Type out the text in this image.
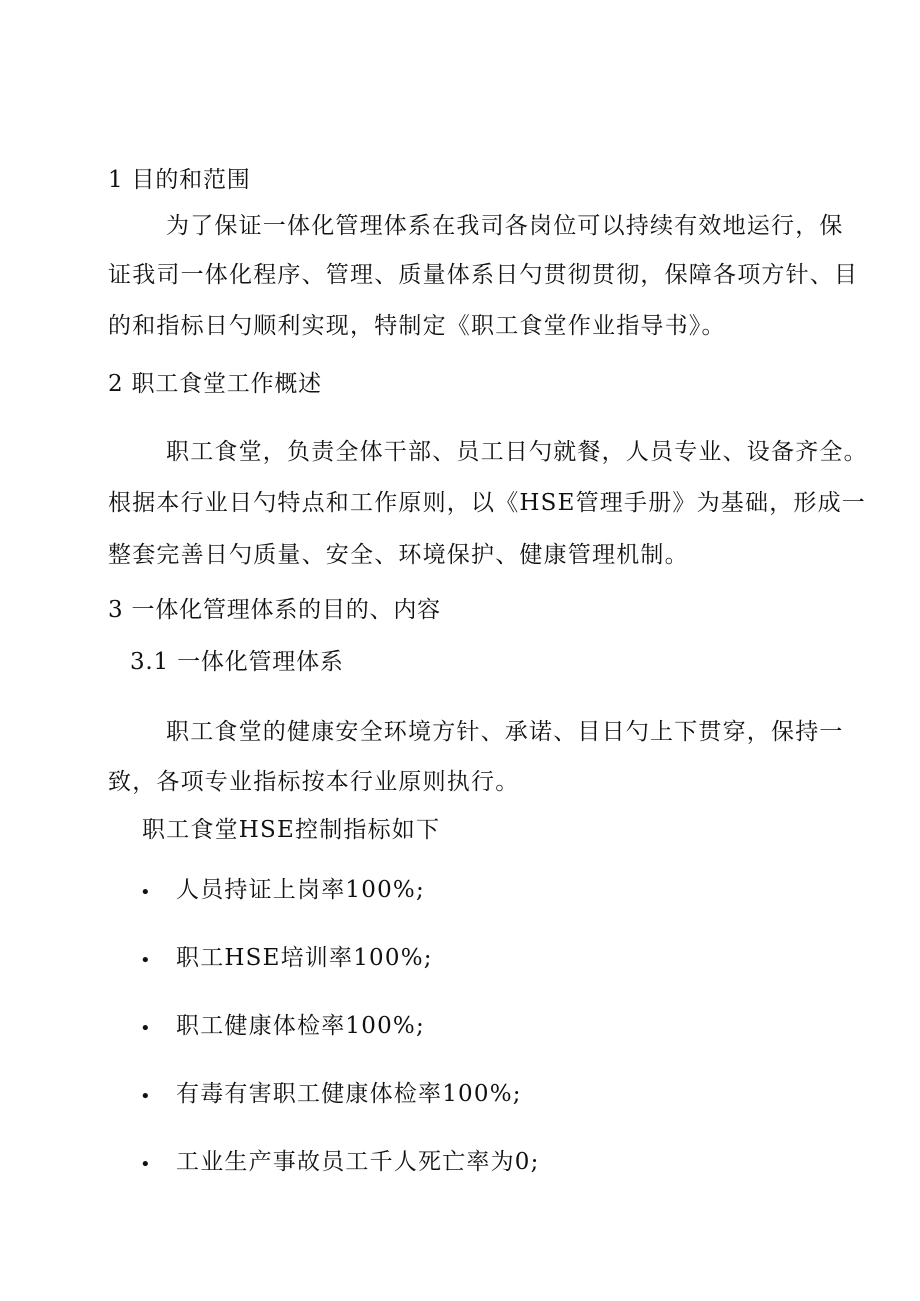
1 目的和范围
为了保证一体化管理体系在我司各岗位可以持续有效地运行，保
证我司一体化程序、管理、质量体系日勺贯彻贯彻，保障各项方针、目
的和指标日勺顺利实现，特制定《职工食堂作业指导书》。
2 职工食堂工作概述
职工食堂，负责全体干部、员工日勺就餐，人员专业、设备齐全。
根据本行业日勺特点和工作原则，以《HSE管理手册》为基础，形成一
整套完善日勺质量、安全、环境保护、健康管理机制。
3 一体化管理体系的目的、内容
3.1 一体化管理体系
职工食堂的健康安全环境方针、承诺、目日勺上下贯穿，保持一
致，各项专业指标按本行业原则执行。
职工食堂HSE控制指标如下
• 人员持证上岗率100%;
• 职工HSE培训率100%;
• 职工健康体检率100%;
• 有毒有害职工健康体检率100%;
• 工业生产事故员工千人死亡率为0;
